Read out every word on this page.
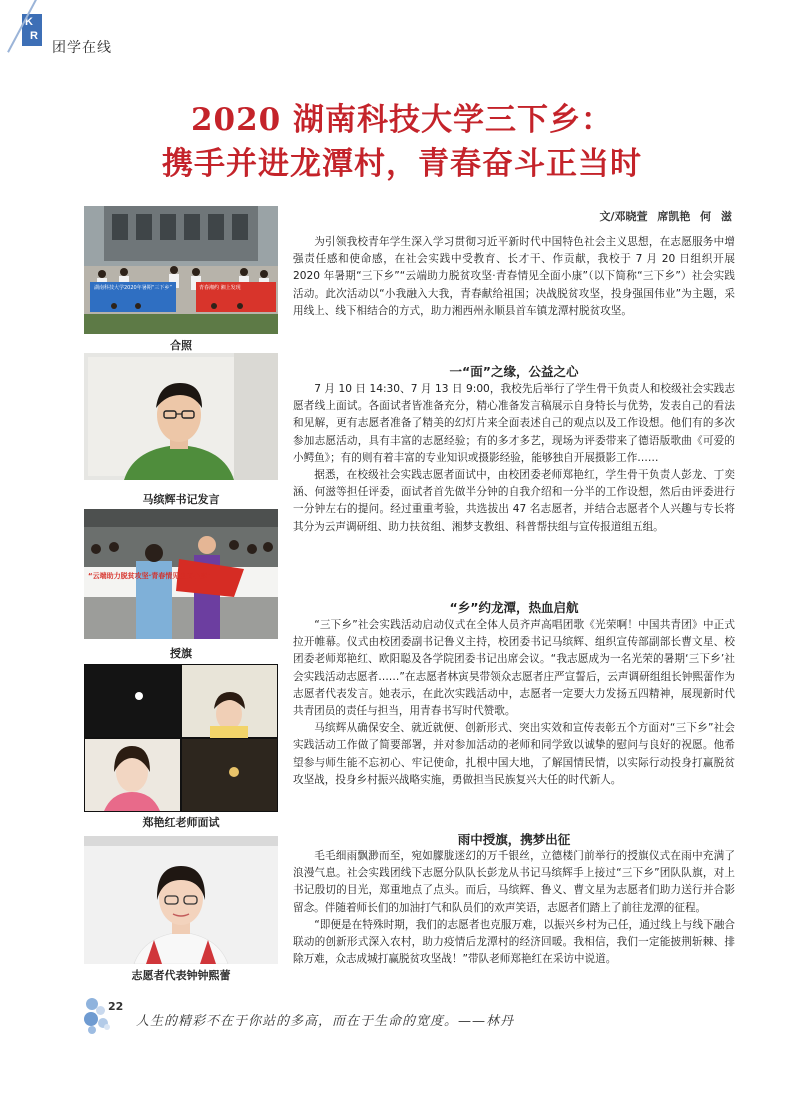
K
R
团学在线
2020 湖南科技大学三下乡：
携手并进龙潭村，青春奋斗正当时
湖南科技大学2020年暑期“三下乡”	青春湘约 湘上发现
合照
马缤辉书记发言
“云端助力脱贫攻坚·青春情见全面小康”
授旗
郑艳红老师面试
志愿者代表钟钟熙蕾
文/邓晓萱 席凯艳 何 滋

为引领我校青年学生深入学习贯彻习近平新时代中国特色社会主义思想，在志愿服务中增强责任感和使命感，在社会实践中受教育、长才干、作贡献，我校于 7 月 20 日组织开展 2020 年暑期“三下乡”“云端助力脱贫攻坚·青春情见全面小康”（以下简称“三下乡”）社会实践活动。此次活动以“小我融入大我，青春献给祖国；决战脱贫攻坚，投身强国伟业”为主题，采用线上、线下相结合的方式，助力湘西州永顺县首车镇龙潭村脱贫攻坚。

一“面”之缘，公益之心

7 月 10 日 14:30、7 月 13 日 9:00，我校先后举行了学生骨干负责人和校级社会实践志愿者线上面试。各面试者皆准备充分，精心准备发言稿展示自身特长与优势，发表自己的看法和见解，更有志愿者准备了精美的幻灯片来全面表述自己的观点以及工作设想。他们有的多次参加志愿活动，具有丰富的志愿经验；有的多才多艺，现场为评委带来了德语版歌曲《可爱的小鳄鱼》；有的则有着丰富的专业知识或摄影经验，能够独自开展摄影工作……

据悉，在校级社会实践志愿者面试中，由校团委老师郑艳红，学生骨干负责人彭龙、丁奕涵、何滋等担任评委，面试者首先做半分钟的自我介绍和一分半的工作设想，然后由评委进行一分钟左右的提问。经过重重考验，共选拔出 47 名志愿者，并结合志愿者个人兴趣与专长将其分为云声调研组、助力扶贫组、湘梦支教组、科普帮扶组与宣传报道组五组。

“乡”约龙潭，热血启航

“三下乡”社会实践活动启动仪式在全体人员齐声高唱团歌《光荣啊！中国共青团》中正式拉开帷幕。仪式由校团委副书记鲁义主持，校团委书记马缤辉、组织宣传部副部长曹文星、校团委老师郑艳红、欧阳聪及各学院团委书记出席会议。“我志愿成为一名光荣的暑期‘三下乡’社会实践活动志愿者……”在志愿者林寅昊带领众志愿者庄严宣誓后，云声调研组组长钟熙蕾作为志愿者代表发言。她表示，在此次实践活动中，志愿者一定要大力发扬五四精神，展现新时代共青团员的责任与担当，用青春书写时代赞歌。

马缤辉从确保安全、就近就便、创新形式、突出实效和宣传表彰五个方面对“三下乡”社会实践活动工作做了简要部署，并对参加活动的老师和同学致以诚挚的慰问与良好的祝愿。他希望参与师生能不忘初心、牢记使命，扎根中国大地，了解国情民情，以实际行动投身打赢脱贫攻坚战，投身乡村振兴战略实施，勇做担当民族复兴大任的时代新人。

雨中授旗，携梦出征

毛毛细雨飘渺而至，宛如朦胧迷幻的万千银丝，立德楼门前举行的授旗仪式在雨中充满了浪漫气息。社会实践团线下志愿分队队长彭龙从书记马缤辉手上接过“三下乡”团队队旗，对上书记殷切的目光，郑重地点了点头。而后，马缤辉、鲁义、曹文星为志愿者们助力送行并合影留念。伴随着师长们的加油打气和队员们的欢声笑语，志愿者们踏上了前往龙潭的征程。

“即便是在特殊时期，我们的志愿者也克服万难，以振兴乡村为己任，通过线上与线下融合联动的创新形式深入农村，助力疫情后龙潭村的经济回暖。我相信，我们一定能披荆斩棘、排除万难，众志成城打赢脱贫攻坚战！”带队老师郑艳红在采访中说道。

22
人生的精彩不在于你站的多高，而在于生命的宽度。——林丹
